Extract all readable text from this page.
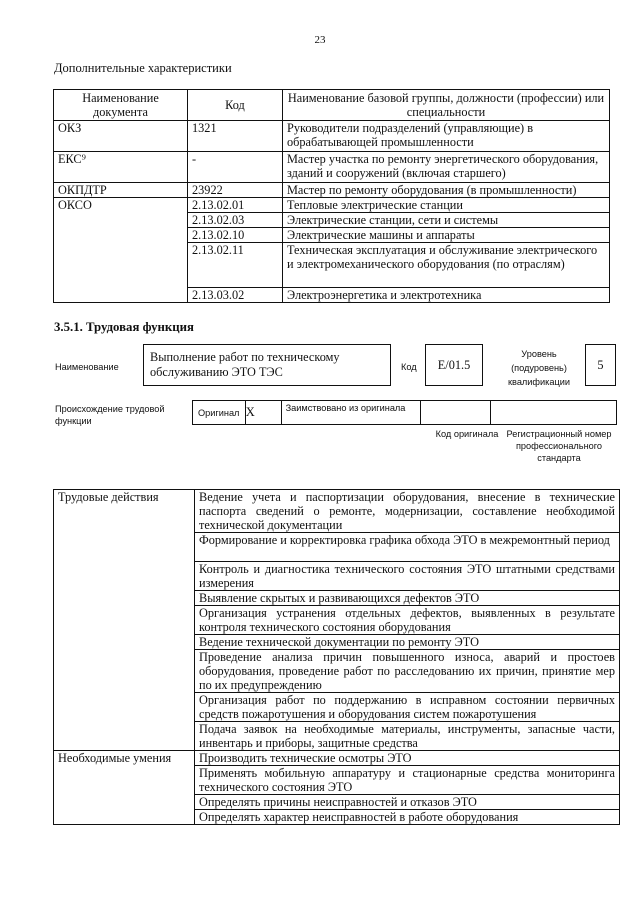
23
Дополнительные характеристики
Наименование документа	Код	Наименование базовой группы, должности (профессии) или специальности
ОКЗ	1321	Руководители подразделений (управляющие) в обрабатывающей промышленности
ЕКС⁹	-	Мастер участка по ремонту энергетического оборудования, зданий и сооружений (включая старшего)
ОКПДТР	23922	Мастер по ремонту оборудования (в промышленности)
ОКСО	2.13.02.01	Тепловые электрические станции
	2.13.02.03	Электрические станции, сети и системы
	2.13.02.10	Электрические машины и аппараты
	2.13.02.11	Техническая эксплуатация и обслуживание электрического и электромеханического оборудования (по отраслям)
	2.13.03.02	Электроэнергетика и электротехника
3.5.1. Трудовая функция
Наименование
Выполнение работ по техническому обслуживанию ЭТО ТЭС	Код	E/01.5
Уровень (подуровень) квалификации
5
Происхождение трудовой функции
Оригинал X	Заимствовано из оригинала
Код оригинала Регистрационный номер профессионального стандарта
Трудовые действия	Ведение учета и паспортизации оборудования, внесение в технические паспорта сведений о ремонте, модернизации, составление необходимой технической документации
	Формирование и корректировка графика обхода ЭТО в межремонтный период
	Контроль и диагностика технического состояния ЭТО штатными средствами измерения
	Выявление скрытых и развивающихся дефектов ЭТО
	Организация устранения отдельных дефектов, выявленных в результате контроля технического состояния оборудования
	Ведение технической документации по ремонту ЭТО
	Проведение анализа причин повышенного износа, аварий и простоев оборудования, проведение работ по расследованию их причин, принятие мер по их предупреждению
	Организация работ по поддержанию в исправном состоянии первичных средств пожаротушения и оборудования систем пожаротушения
	Подача заявок на необходимые материалы, инструменты, запасные части, инвентарь и приборы, защитные средства
Необходимые умения	Производить технические осмотры ЭТО
	Применять мобильную аппаратуру и стационарные средства мониторинга технического состояния ЭТО
	Определять причины неисправностей и отказов ЭТО
	Определять характер неисправностей в работе оборудования
